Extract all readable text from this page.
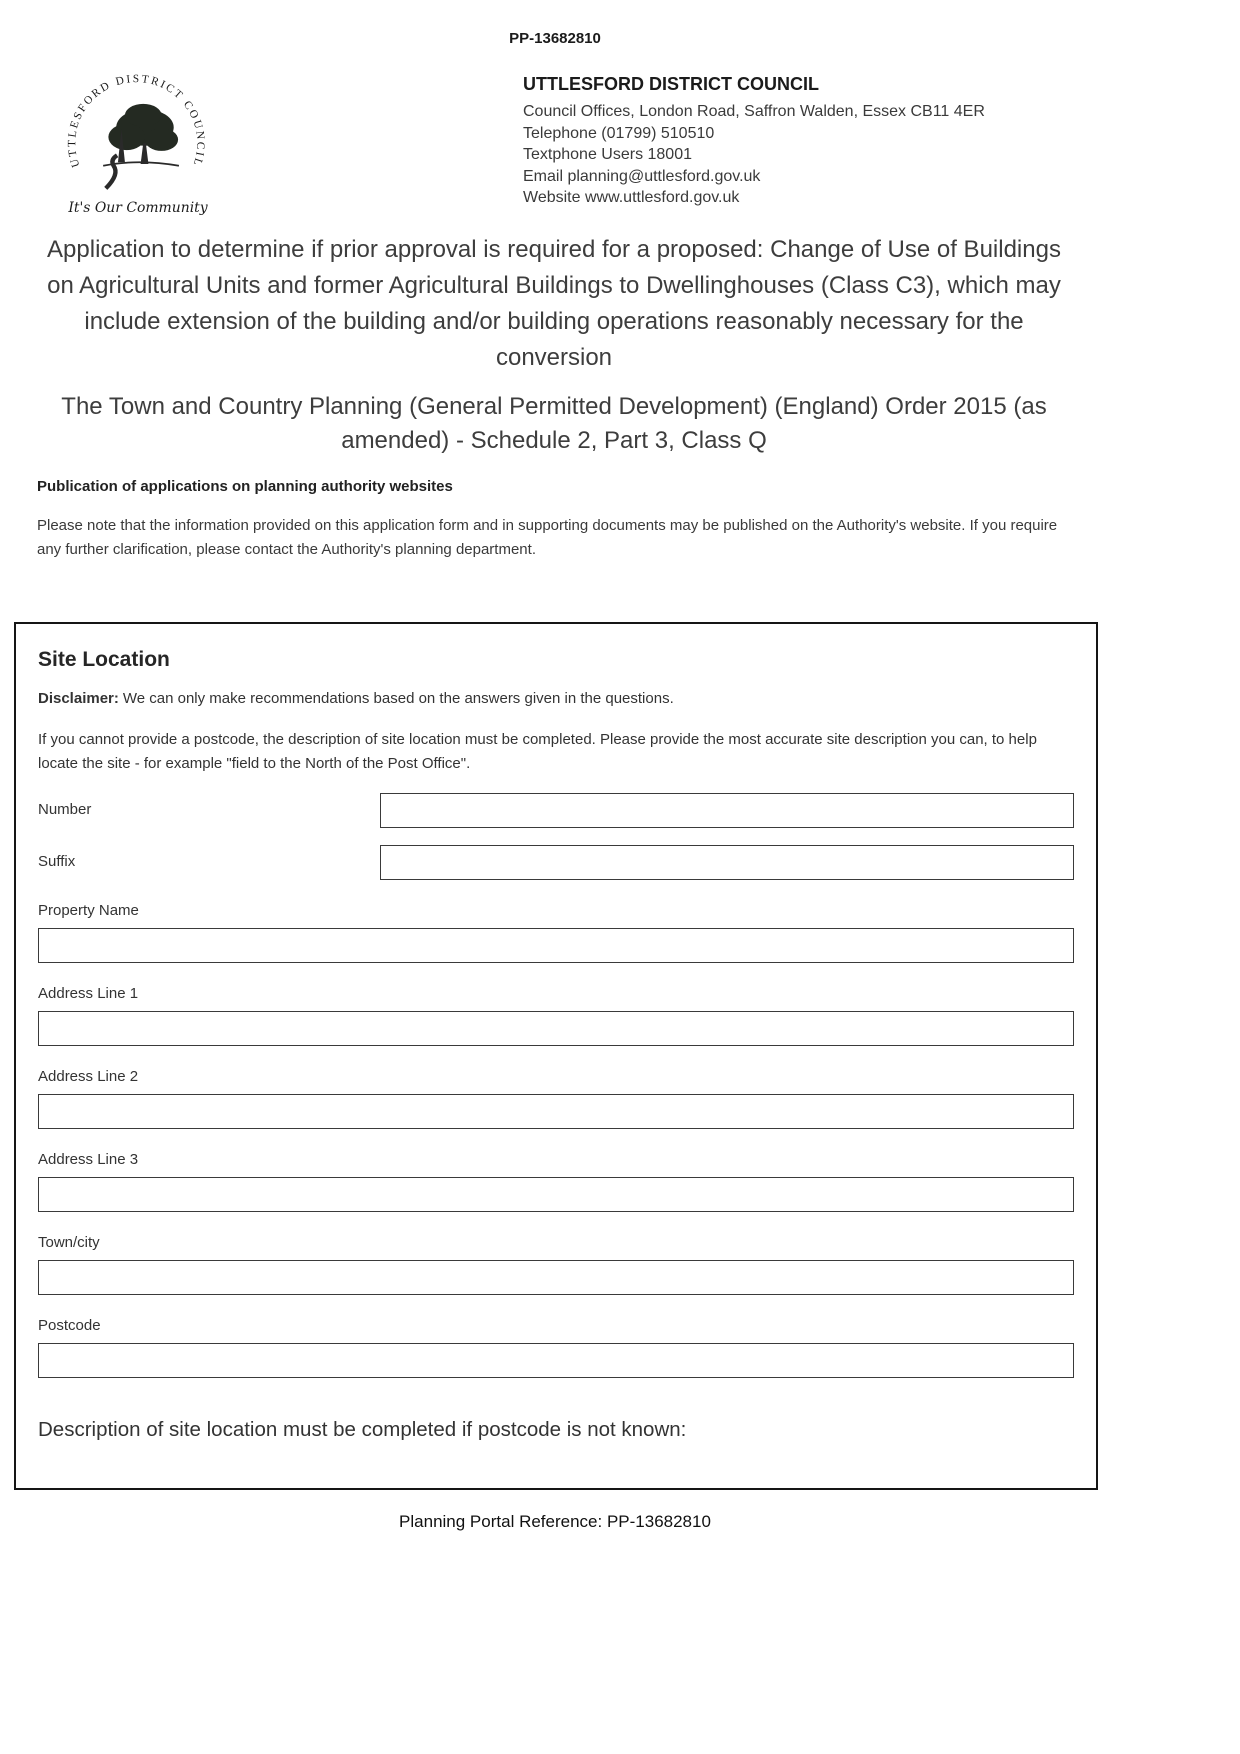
PP-13682810
UTTLESFORD DISTRICT COUNCIL
It's Our Community
UTTLESFORD DISTRICT COUNCIL
Council Offices, London Road, Saffron Walden, Essex CB11 4ER
Telephone (01799) 510510
Textphone Users 18001
Email planning@uttlesford.gov.uk
Website www.uttlesford.gov.uk
Application to determine if prior approval is required for a proposed: Change of Use of Buildings on Agricultural Units and former Agricultural Buildings to Dwellinghouses (Class C3), which may include extension of the building and/or building operations reasonably necessary for the conversion
The Town and Country Planning (General Permitted Development) (England) Order 2015 (as amended) - Schedule 2, Part 3, Class Q
Publication of applications on planning authority websites

Please note that the information provided on this application form and in supporting documents may be published on the Authority's website. If you require any further clarification, please contact the Authority's planning department.

Site Location

Disclaimer: We can only make recommendations based on the answers given in the questions.

If you cannot provide a postcode, the description of site location must be completed. Please provide the most accurate site description you can, to help locate the site - for example "field to the North of the Post Office".

Number
Suffix
Property Name
Address Line 1
Address Line 2
Address Line 3
Town/city
Postcode

Description of site location must be completed if postcode is not known:

Planning Portal Reference: PP-13682810
